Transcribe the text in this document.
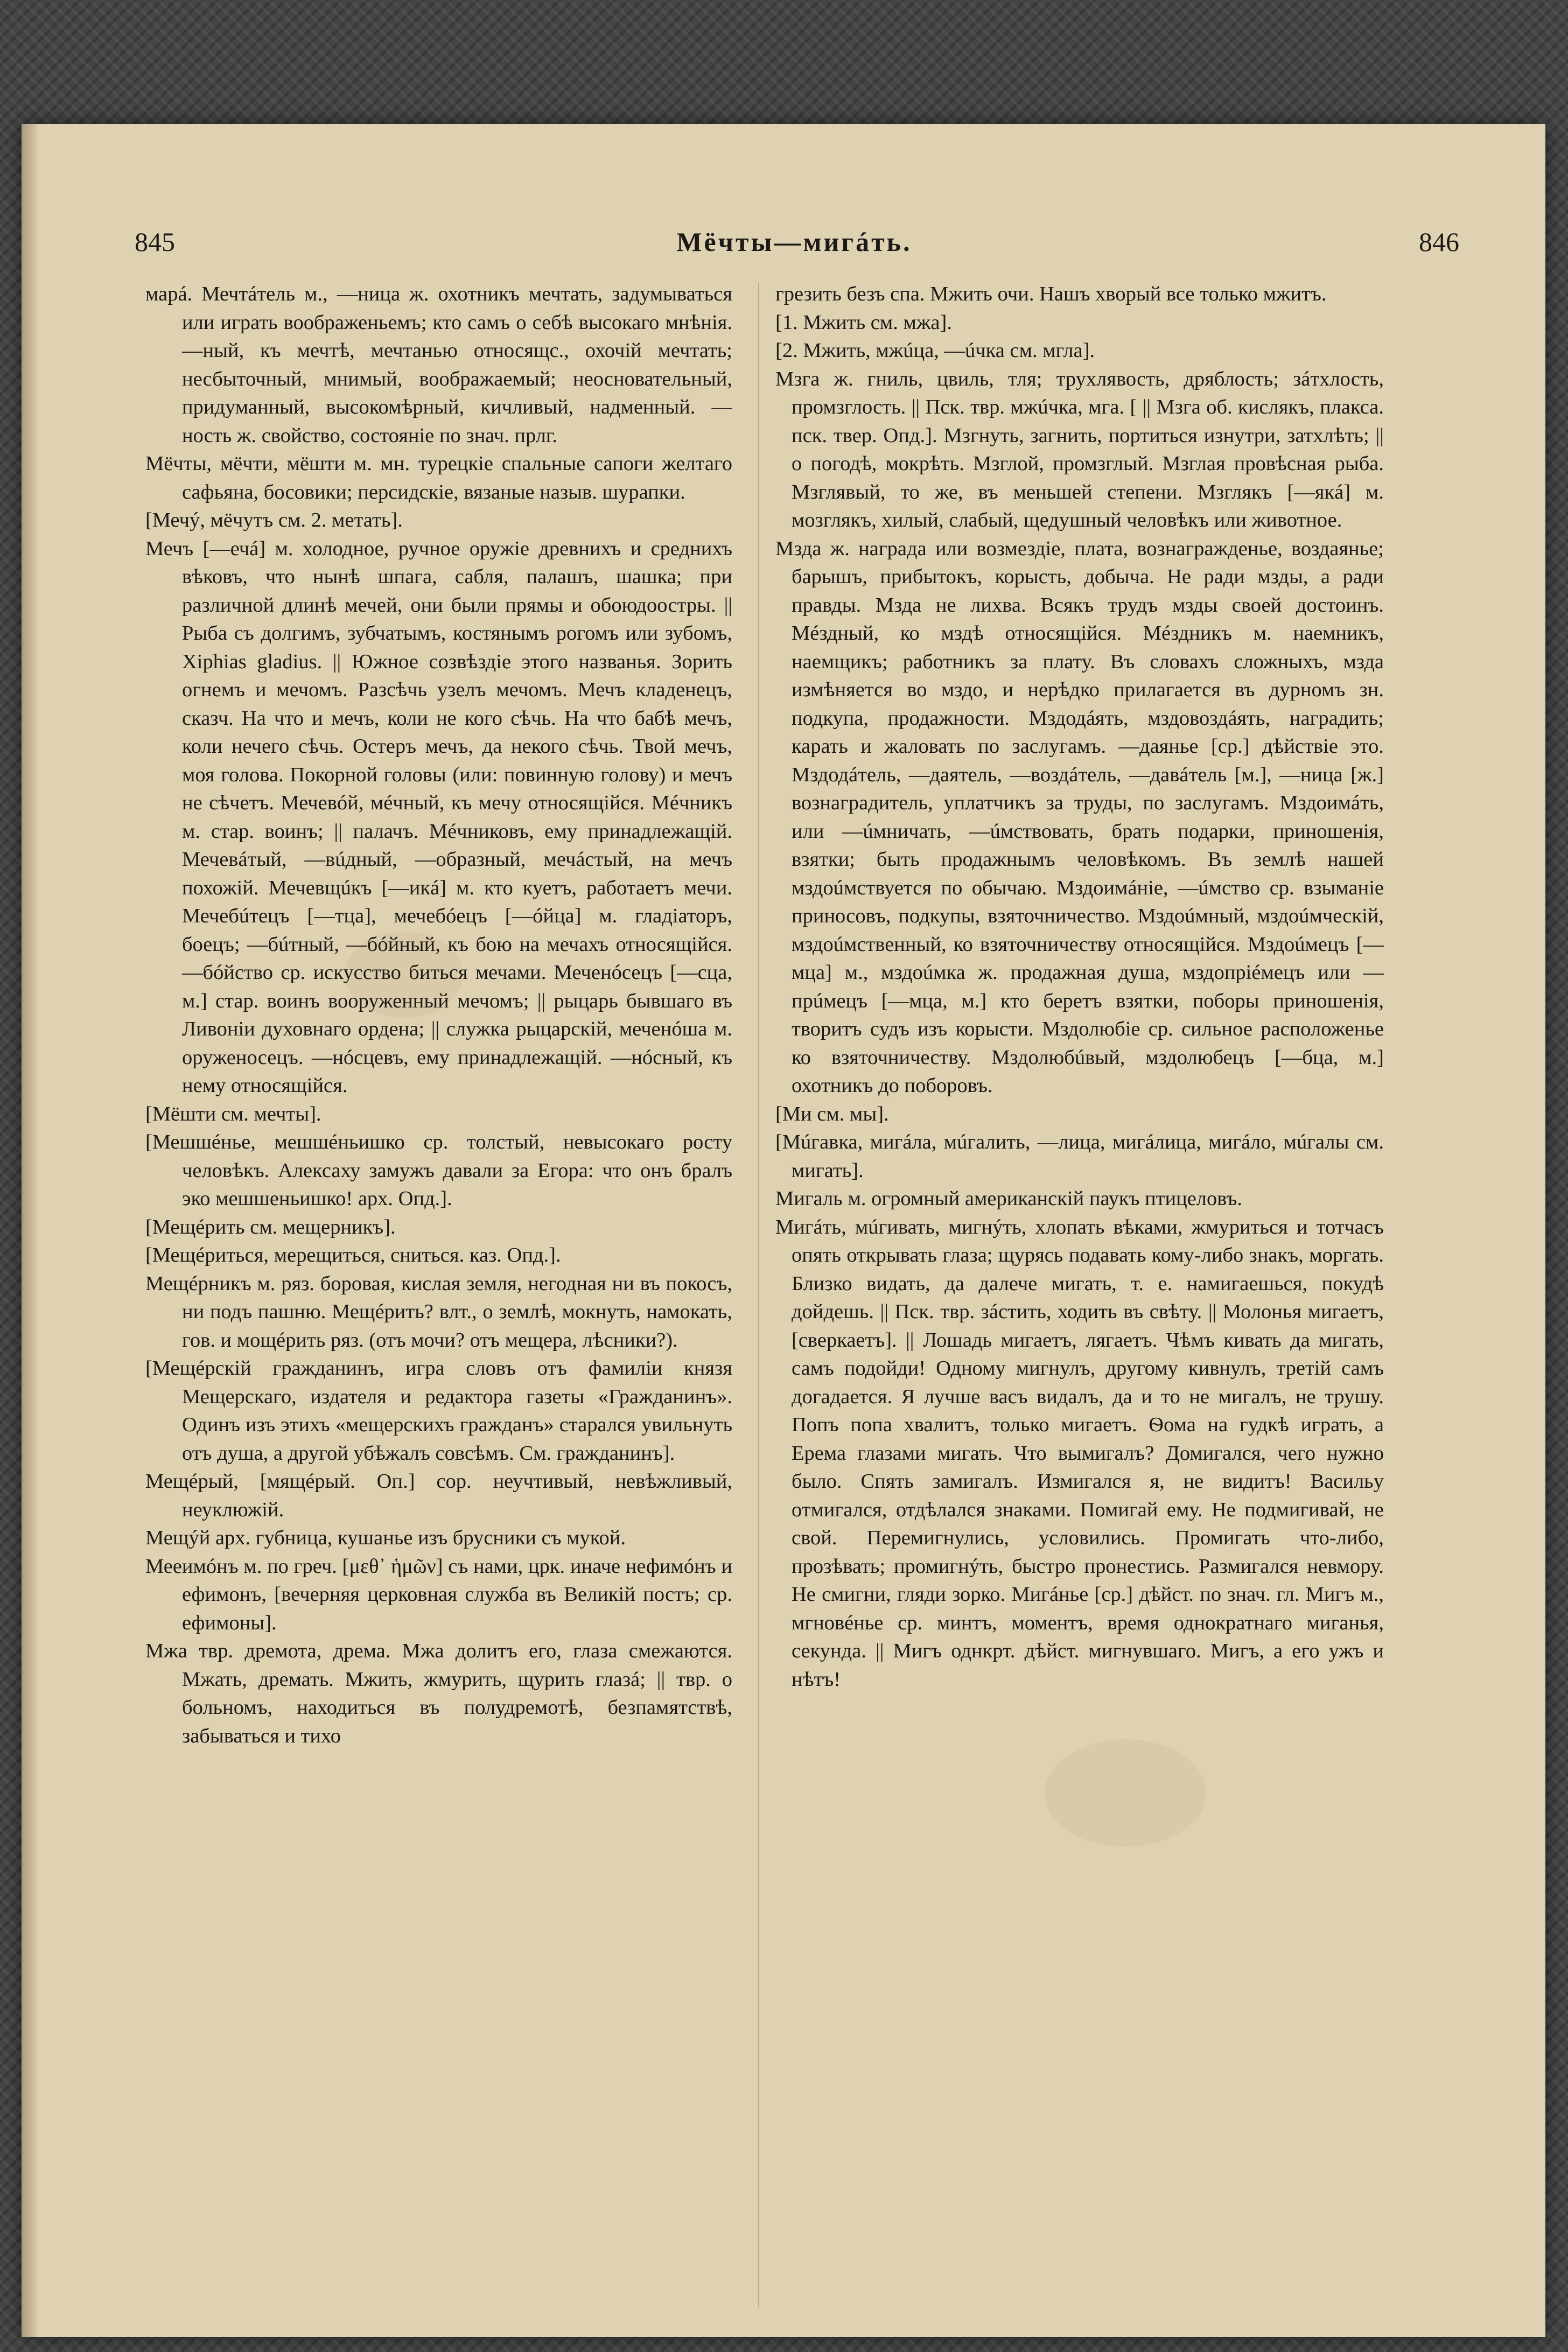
845	Мёчты—мигáть.	846

марá. Мечтáтель м., —ница ж. охотникъ мечтать, задумываться или играть воображеньемъ; кто самъ о себѣ высокаго мнѣнія. —ный, къ мечтѣ, мечтанью относящс., охочій мечтать; несбыточный, мнимый, воображаемый; неосновательный, придуманный, высокомѣрный, кичливый, надменный. —ность ж. свойство, состояніе по знач. прлг.

Мёчты, мёчти, мёшти м. мн. турецкіе спальные сапоги желтаго сафьяна, босовики; персидскіе, вязаные назыв. шурапки.

[Мечý, мёчутъ см. 2. метать].

Мечъ [—ечá] м. холодное, ручное оружіе древнихъ и среднихъ вѣковъ, что нынѣ шпага, сабля, палашъ, шашка; при различной длинѣ мечей, они были прямы и обоюдоостры. || Рыба съ долгимъ, зубчатымъ, костянымъ рогомъ или зубомъ, Xiphias gladius. || Южное созвѣздіе этого названья. Зорить огнемъ и мечомъ. Разсѣчь узелъ мечомъ. Мечъ кладенецъ, сказч. На что и мечъ, коли не кого сѣчь. На что бабѣ мечъ, коли нечего сѣчь. Остеръ мечъ, да некого сѣчь. Твой мечъ, моя голова. Покорной головы (или: повинную голову) и мечъ не сѣчетъ. Мечевóй, мéчный, къ мечу относящійся. Мéчникъ м. стар. воинъ; || палачъ. Мéчниковъ, ему принадлежащій. Мечевáтый, —вúдный, —образный, мечáстый, на мечъ похожій. Мечевщúкъ [—икá] м. кто куетъ, работаетъ мечи. Мечебúтецъ [—тца], мечебóецъ [—óйца] м. гладіаторъ, боецъ; —бúтный, —бóйный, къ бою на мечахъ относящійся. —бóйство ср. искусство биться мечами. Меченóсецъ [—сца, м.] стар. воинъ вооруженный мечомъ; || рыцарь бывшаго въ Ливоніи духовнаго ордена; || служка рыцарскій, меченóша м. оруженосецъ. —нóсцевъ, ему принадлежащій. —нóсный, къ нему относящійся.

[Мёшти см. мечты].

[Мешшéнье, мешшéньишко ср. толстый, невысокаго росту человѣкъ. Алексаху замужъ давали за Егора: что онъ бралъ эко мешшеньишко! арх. Опд.].

[Мещéрить см. мещерникъ].

[Мещéриться, мерещиться, сниться. каз. Опд.].

Мещéрникъ м. ряз. боровая, кислая земля, негодная ни въ покосъ, ни подъ пашню. Мещéрить? влт., о землѣ, мокнуть, намокать, гов. и мощéрить ряз. (отъ мочи? отъ мещера, лѣсники?).

[Мещéрскій гражданинъ, игра словъ отъ фамиліи князя Мещерскаго, издателя и редактора газеты «Гражданинъ». Одинъ изъ этихъ «мещерскихъ гражданъ» старался увильнуть отъ душа, а другой убѣжалъ совсѣмъ. См. гражданинъ].

Мещéрый, [мящéрый. Оп.] сор. неучтивый, невѣжливый, неуклюжій.

Мещýй арх. губница, кушанье изъ брусники съ мукой.

Мееимóнъ м. по греч. [μεθ᾽ ἡμῶν] съ нами, црк. иначе нефимóнъ и ефимонъ, [вечерняя церковная служба въ Великій постъ; ср. ефимоны].

Мжа твр. дремота, дрема. Мжа долитъ его, глаза смежаются. Мжать, дремать. Мжить, жмурить, щурить глазá; || твр. о больномъ, находиться въ полудремотѣ, безпамятствѣ, забываться и тихо

грезить безъ спа. Мжить очи. Нашъ хворый все только мжитъ.

[1. Мжить см. мжа].

[2. Мжить, мжúца, —úчка см. мгла].

Мзга ж. гниль, цвиль, тля; трухлявость, дряблость; зáтхлость, промзглость. || Пск. твр. мжúчка, мга. [ || Мзга об. кислякъ, плакса. пск. твер. Опд.]. Мзгнуть, загнить, портиться изнутри, затхлѣть; || о погодѣ, мокрѣть. Мзглой, промзглый. Мзглая провѣсная рыба. Мзглявый, то же, въ меньшей степени. Мзглякъ [—якá] м. мозглякъ, хилый, слабый, щедушный человѣкъ или животное.

Мзда ж. награда или возмездіе, плата, вознагражденье, воздаянье; барышъ, прибытокъ, корысть, добыча. Не ради мзды, а ради правды. Мзда не лихва. Всякъ трудъ мзды своей достоинъ. Мéздный, ко мздѣ относящійся. Мéздникъ м. наемникъ, наемщикъ; работникъ за плату. Въ словахъ сложныхъ, мзда измѣняется во мздо, и нерѣдко прилагается въ дурномъ зн. подкупа, продажности. Мздодáять, мздовоздáять, наградить; карать и жаловать по заслугамъ. —даянье [ср.] дѣйствіе это. Мздодáтель, —даятель, —воздáтель, —давáтель [м.], —ница [ж.] вознаградитель, уплатчикъ за труды, по заслугамъ. Мздоимáть, или —úмничать, —úмствовать, брать подарки, приношенія, взятки; быть продажнымъ человѣкомъ. Въ землѣ нашей мздоúмствуется по обычаю. Мздоимáніе, —úмство ср. взыманіе приносовъ, подкупы, взяточничество. Мздоúмный, мздоúмческій, мздоúмственный, ко взяточничеству относящійся. Мздоúмецъ [—мца] м., мздоúмка ж. продажная душа, мздопріéмецъ или —прúмецъ [—мца, м.] кто беретъ взятки, поборы приношенія, творитъ судъ изъ корысти. Мздолюбіе ср. сильное расположенье ко взяточничеству. Мздолюбúвый, мздолюбецъ [—бца, м.] охотникъ до поборовъ.

[Ми см. мы].

[Мúгавка, мигáла, мúгалить, —лица, мигáлица, мигáло, мúгалы см. мигать].

Мигаль м. огромный американскій паукъ птицеловъ.

Мигáть, мúгивать, мигнýть, хлопать вѣками, жмуриться и тотчасъ опять открывать глаза; щурясь подавать кому-либо знакъ, моргать. Близко видать, да далече мигать, т. е. намигаешься, покудѣ дойдешь. || Пск. твр. зáстить, ходить въ свѣту. || Молонья мигаетъ, [сверкаетъ]. || Лошадь мигаетъ, лягаетъ. Чѣмъ кивать да мигать, самъ подойди! Одному мигнулъ, другому кивнулъ, третій самъ догадается. Я лучше васъ видалъ, да и то не мигалъ, не трушу. Попъ попа хвалитъ, только мигаетъ. Ѳома на гудкѣ играть, а Ерема глазами мигать. Что вымигалъ? Домигался, чего нужно было. Спять замигалъ. Измигался я, не видитъ! Васильу отмигался, отдѣлался знаками. Помигай ему. Не подмигивай, не свой. Перемигнулись, условились. Промигать что-либо, прозѣвать; промигнýть, быстро пронестись. Размигался невмору. Не смигни, гляди зорко. Мигáнье [ср.] дѣйст. по знач. гл. Мигъ м., мгновéнье ср. минтъ, моментъ, время однократнаго миганья, секунда. || Мигъ однкрт. дѣйст. мигнувшаго. Мигъ, а его ужъ и нѣтъ!
